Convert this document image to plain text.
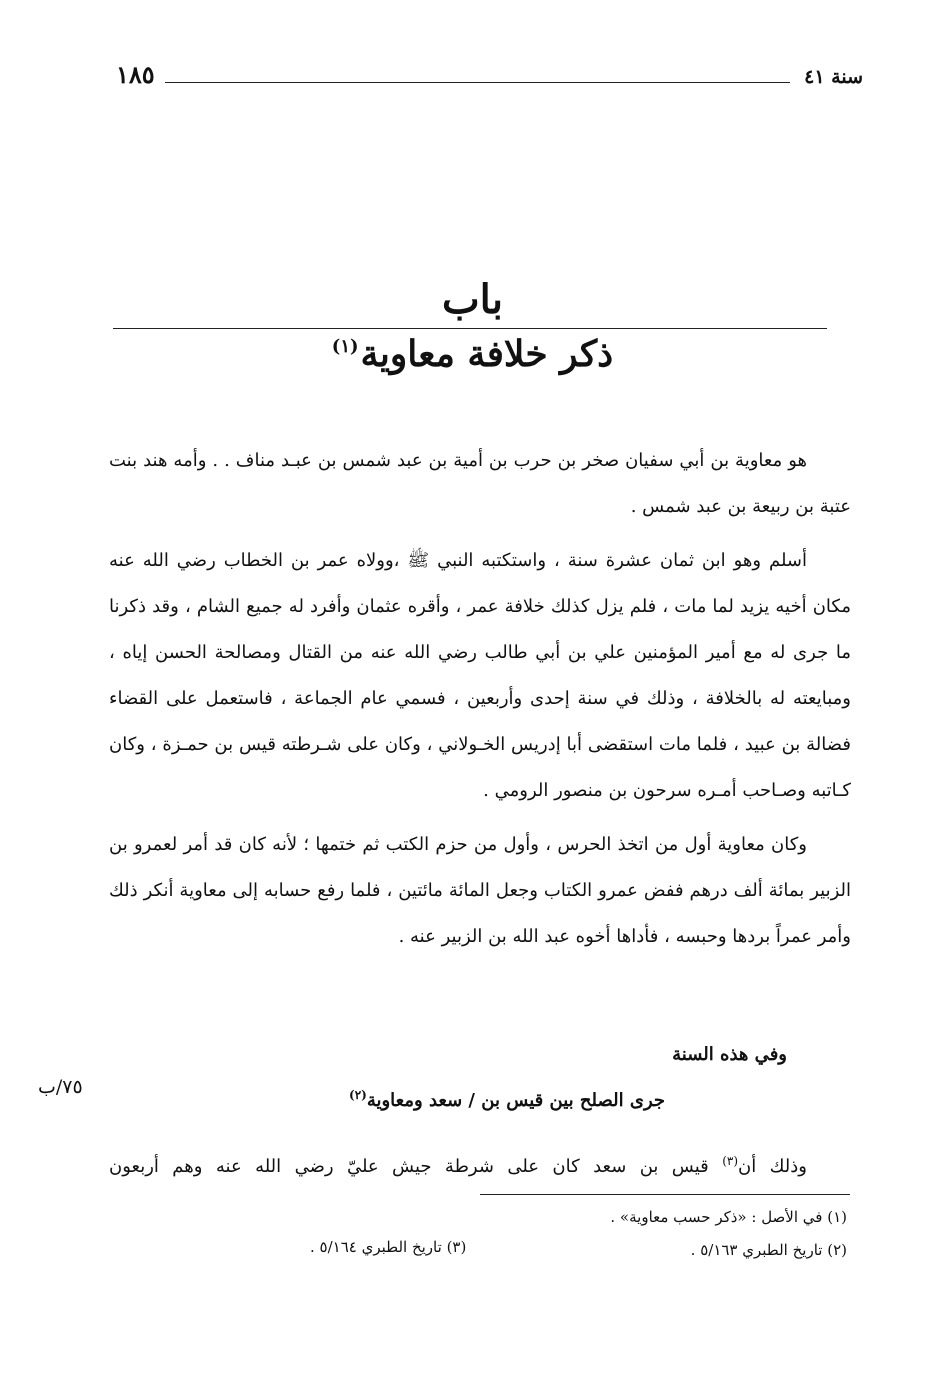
سنة ٤١
١٨٥
باب
ذكر خلافة معاوية$^{(١)}$

هو معاوية بن أبي سفيان صخر بن حرب بن أمية بن عبد شمس بن عبـد مناف . . وأمه هند بنت عتبة بن ربيعة بن عبد شمس .

أسلم وهو ابن ثمان عشرة سنة ، واستكتبه النبي ﷺ ،وولاه عمر بن الخطاب رضي الله عنه مكان أخيه يزيد لما مات ، فلم يزل كذلك خلافة عمر ، وأقره عثمان وأفرد له جميع الشام ، وقد ذكرنا ما جرى له مع أمير المؤمنين علي بن أبي طالب رضي الله عنه من القتال ومصالحة الحسن إياه ، ومبايعته له بالخلافة ، وذلك في سنة إحدى وأربعين ، فسمي عام الجماعة ، فاستعمل على القضاء فضالة بن عبيد ، فلما مات استقضى أبا إدريس الخـولاني ، وكان على شـرطته قيس بن حمـزة ، وكان كـاتبه وصـاحب أمـره سرحون بن منصور الرومي .

وكان معاوية أول من اتخذ الحرس ، وأول من حزم الكتب ثم ختمها ؛ لأنه كان قد أمر لعمرو بن الزبير بمائة ألف درهم ففض عمرو الكتاب وجعل المائة مائتين ، فلما رفع حسابه إلى معاوية أنكر ذلك وأمر عمراً بردها وحبسه ، فأداها أخوه عبد الله بن الزبير عنه .

وفي هذه السنة
جرى الصلح بين قيس بن / سعد ومعاوية$^{(٢)}$
٧٥/ب
وذلك أن$^{(٣)}$ قيس بن سعد كان على شرطة جيش عليّ رضي الله عنه وهم أربعون
(١) في الأصل : «ذكر حسب معاوية» .
(٢) تاريخ الطبري ٥/١٦٣ .
(٣) تاريخ الطبري ٥/١٦٤ .
